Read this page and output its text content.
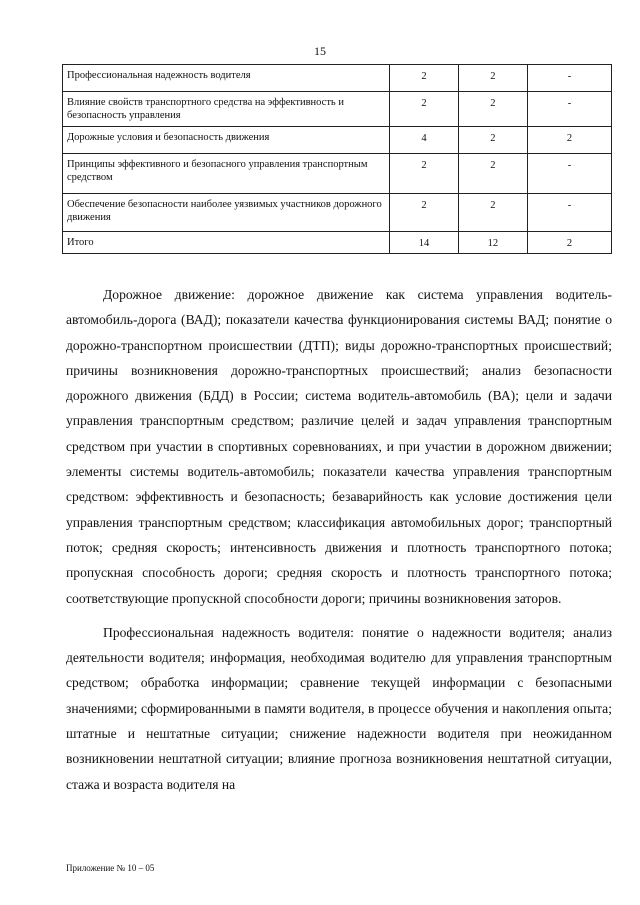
15
Профессиональная надежность водителя	2	2	-
Влияние свойств транспортного средства на эффективность и безопасность управления	2	2	-
Дорожные условия и безопасность движения	4	2	2
Принципы эффективного и безопасного управления транспортным средством	2	2	-
Обеспечение безопасности наиболее уязвимых участников дорожного движения	2	2	-
Итого	14	12	2

Дорожное движение: дорожное движение как система управления водитель-автомобиль-дорога (ВАД); показатели качества функционирования системы ВАД; понятие о дорожно-транспортном происшествии (ДТП); виды дорожно-транспортных происшествий; причины возникновения дорожно-транспортных происшествий; анализ безопасности дорожного движения (БДД) в России; система водитель-автомобиль (ВА); цели и задачи управления транспортным средством; различие целей и задач управления транспортным средством при участии в спортивных соревнованиях, и при участии в дорожном движении; элементы системы водитель-автомобиль; показатели качества управления транспортным средством: эффективность и безопасность; безаварийность как условие достижения цели управления транспортным средством; классификация автомобильных дорог; транспортный поток; средняя скорость; интенсивность движения и плотность транспортного потока; пропускная способность дороги; средняя скорость и плотность транспортного потока; соответствующие пропускной способности дороги; причины возникновения заторов.

Профессиональная надежность водителя: понятие о надежности водителя; анализ деятельности водителя; информация, необходимая водителю для управления транспортным средством; обработка информации; сравнение текущей информации с безопасными значениями; сформированными в памяти водителя, в процессе обучения и накопления опыта; штатные и нештатные ситуации; снижение надежности водителя при неожиданном возникновении нештатной ситуации; влияние прогноза возникновения нештатной ситуации, стажа и возраста водителя на

Приложение № 10 – 05
